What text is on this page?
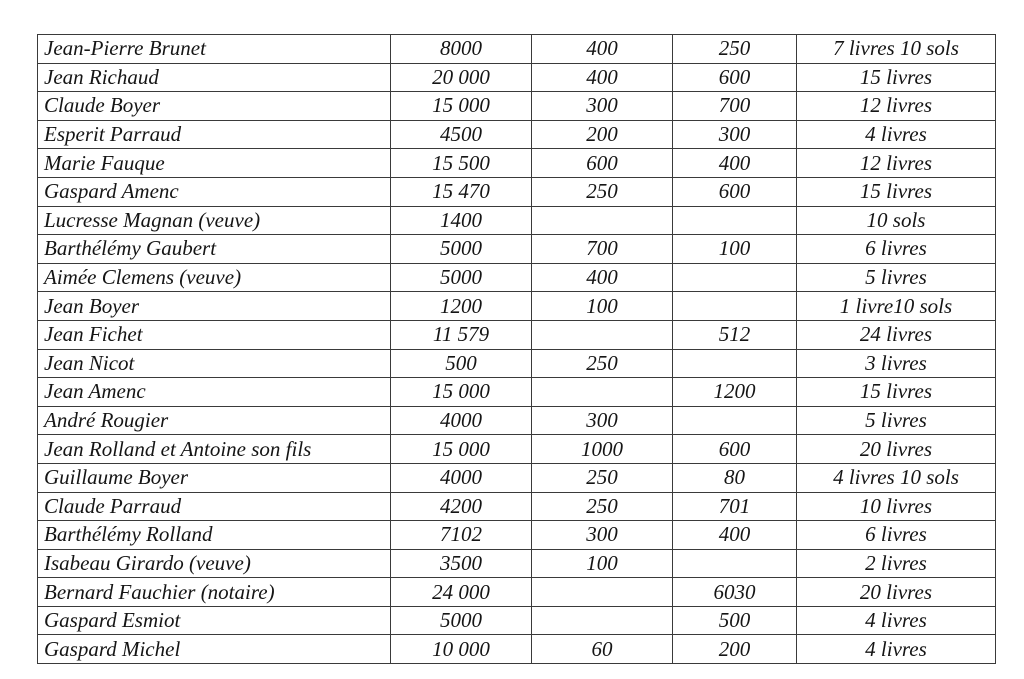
Jean-Pierre Brunet	8000	400	250	7 livres 10 sols
Jean Richaud	20 000	400	600	15 livres
Claude Boyer	15 000	300	700	12 livres
Esperit Parraud	4500	200	300	4 livres
Marie Fauque	15 500	600	400	12 livres
Gaspard Amenc	15 470	250	600	15 livres
Lucresse Magnan (veuve)	1400			10 sols
Barthélémy Gaubert	5000	700	100	6 livres
Aimée Clemens (veuve)	5000	400		5 livres
Jean Boyer	1200	100		1 livre10 sols
Jean Fichet	11 579		512	24 livres
Jean Nicot	500	250		3 livres
Jean Amenc	15 000		1200	15 livres
André Rougier	4000	300		5 livres
Jean Rolland et Antoine son fils	15 000	1000	600	20 livres
Guillaume Boyer	4000	250	80	4 livres 10 sols
Claude Parraud	4200	250	701	10 livres
Barthélémy Rolland	7102	300	400	6 livres
Isabeau Girardo (veuve)	3500	100		2 livres
Bernard Fauchier (notaire)	24 000		6030	20 livres
Gaspard Esmiot	5000		500	4 livres
Gaspard Michel	10 000	60	200	4 livres
